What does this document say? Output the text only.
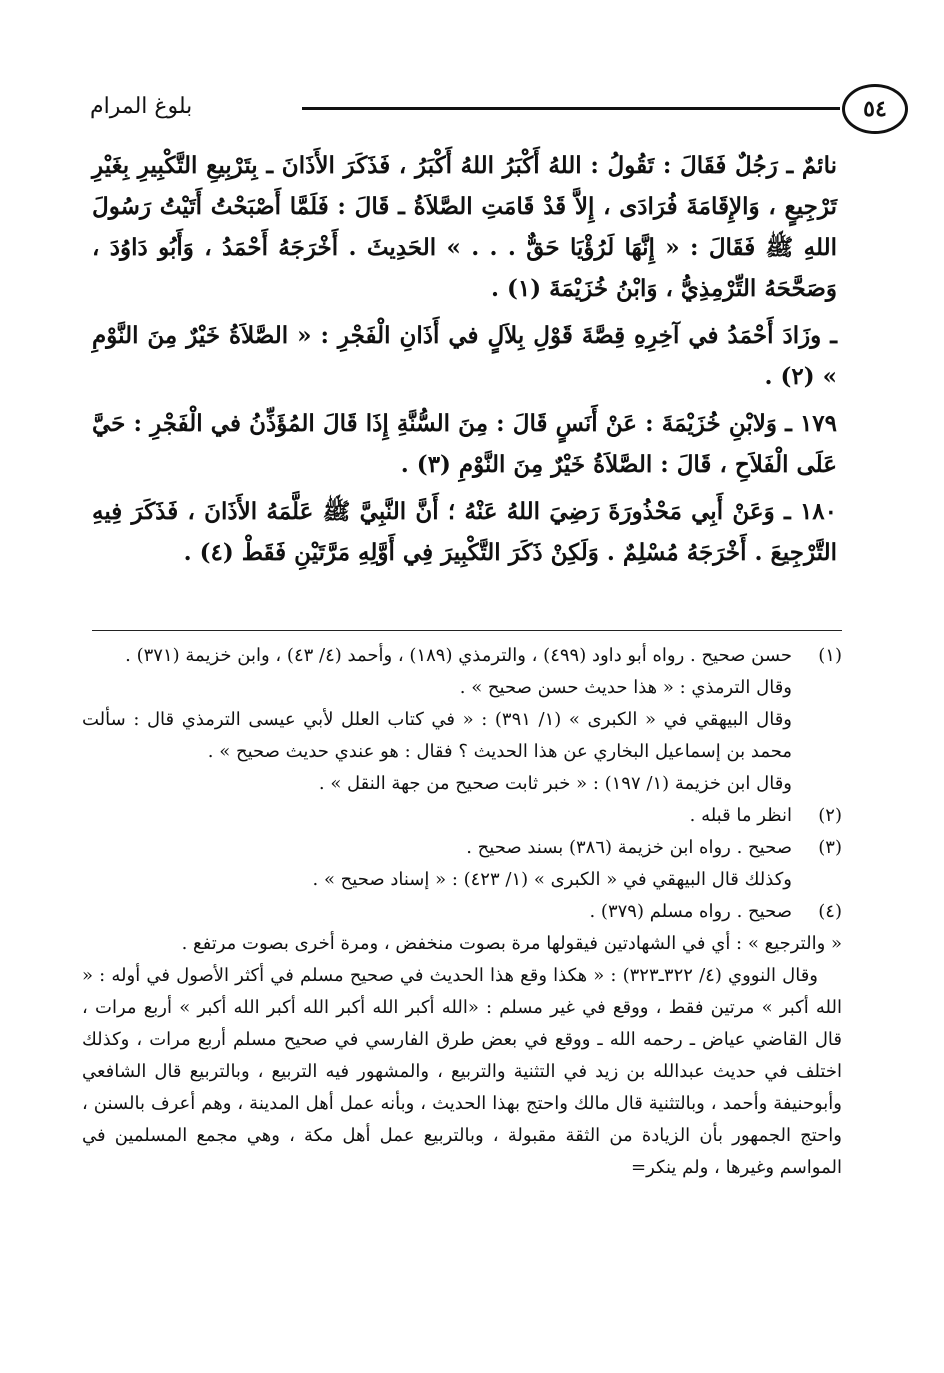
بلوغ المرام	٥٤

نائمٌ ـ رَجُلٌ فَقَالَ : تَقُولُ : اللهُ أَكْبَرُ اللهُ أَكْبَرُ ، فَذَكَرَ الأَذَانَ ـ بِتَرْبِيعِ التَّكْبِيرِ بِغَيْرِ تَرْجِيعٍ ، وَالإِقَامَةَ فُرَادَى ، إِلاَّ قَدْ قَامَتِ الصَّلاَةُ ـ قَالَ : فَلَمَّا أَصْبَحْتُ أَتَيْتُ رَسُولَ اللهِ ﷺ فَقَالَ : « إِنَّهَا لَرُؤْيَا حَقٌّ . . . » الحَدِيثَ . أَخْرَجَهُ أَحْمَدُ ، وَأَبُو دَاوُدَ ، وَصَحَّحَهُ التِّرْمِذِيُّ ، وَابْنُ خُزَيْمَةَ (١) .

ـ وزَادَ أَحْمَدُ في آخِرِهِ قِصَّةَ قَوْلِ بِلاَلٍ في أَذَانِ الْفَجْرِ : « الصَّلاَةُ خَيْرٌ مِنَ النَّوْمِ » (٢) .

١٧٩ ـ وَلابْنِ خُزَيْمَةَ : عَنْ أَنَسٍ قَالَ : مِنَ السُّنَّةِ إِذَا قَالَ المُؤَذِّنُ في الْفَجْرِ : حَيَّ عَلَى الْفَلاَحِ ، قَالَ : الصَّلاَةُ خَيْرٌ مِنَ النَّوْمِ (٣) .

١٨٠ ـ وَعَنْ أَبِي مَحْذُورَةَ رَضِيَ اللهُ عَنْهُ ؛ أَنَّ النَّبِيَّ ﷺ عَلَّمَهُ الأَذَانَ ، فَذَكَرَ فِيهِ التَّرْجِيعَ . أَخْرَجَهُ مُسْلِمٌ . وَلَكِنْ ذَكَرَ التَّكْبِيرَ فِي أَوَّلِهِ مَرَّتَيْنِ فَقَطْ (٤) .

(١)
حسن صحيح . رواه أبو داود (٤٩٩) ، والترمذي (١٨٩) ، وأحمد (٤/ ٤٣) ، وابن خزيمة (٣٧١) .

وقال الترمذي : « هذا حديث حسن صحيح » .

وقال البيهقي في « الكبرى » (١/ ٣٩١) : « في كتاب العلل لأبي عيسى الترمذي قال : سألت محمد بن إسماعيل البخاري عن هذا الحديث ؟ فقال : هو عندي حديث صحيح » .

وقال ابن خزيمة (١/ ١٩٧) : « خبر ثابت صحيح من جهة النقل » .

(٢)
انظر ما قبله .
(٣)
صحيح . رواه ابن خزيمة (٣٨٦) بسند صحيح .

وكذلك قال البيهقي في « الكبرى » (١/ ٤٢٣) : « إسناد صحيح » .

(٤)
صحيح . رواه مسلم (٣٧٩) .

« والترجيع » : أي في الشهادتين فيقولها مرة بصوت منخفض ، ومرة أخرى بصوت مرتفع .

وقال النووي (٤/ ٣٢٢ـ٣٢٣) : « هكذا وقع هذا الحديث في صحيح مسلم في أكثر الأصول في أوله : « الله أكبر » مرتين فقط ، ووقع في غير مسلم : «الله أكبر الله أكبر الله أكبر الله أكبر » أربع مرات ، قال القاضي عياض ـ رحمه الله ـ ووقع في بعض طرق الفارسي في صحيح مسلم أربع مرات ، وكذلك اختلف في حديث عبدالله بن زيد في التثنية والتربيع ، والمشهور فيه التربيع ، وبالتربيع قال الشافعي وأبوحنيفة وأحمد ، وبالتثنية قال مالك واحتج بهذا الحديث ، وبأنه عمل أهل المدينة ، وهم أعرف بالسنن ، واحتج الجمهور بأن الزيادة من الثقة مقبولة ، وبالتربيع عمل أهل مكة ، وهي مجمع المسلمين في المواسم وغيرها ، ولم ينكر=
